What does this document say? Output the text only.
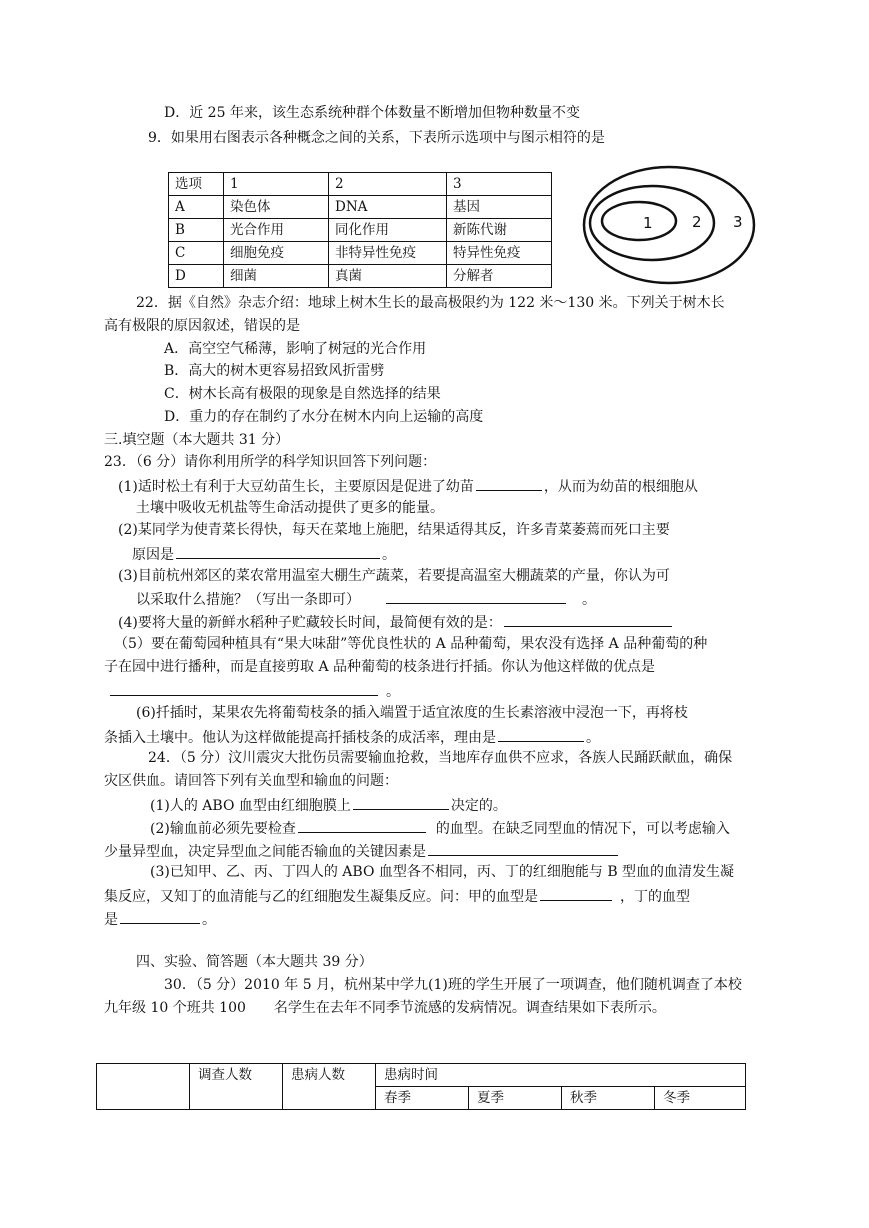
D．近 25 年来，该生态系统种群个体数量不断增加但物种数量不变
9．如果用右图表示各种概念之间的关系，下表所示选项中与图示相符的是
选项	1	2	3
A	染色体	DNA	基因
B	光合作用	同化作用	新陈代谢
C	细胞免疫	非特异性免疫	特异性免疫
D	细菌	真菌	分解者
1	2 3
22．据《自然》杂志介绍：地球上树木生长的最高极限约为 122 米～130 米。下列关于树木长
高有极限的原因叙述，错误的是
A．高空空气稀薄，影响了树冠的光合作用
B．高大的树木更容易招致风折雷劈
C．树木长高有极限的现象是自然选择的结果
D．重力的存在制约了水分在树木内向上运输的高度
三.填空题（本大题共 31 分）
23．（6 分）请你利用所学的科学知识回答下列问题：
(1)适时松土有利于大豆幼苗生长，主要原因是促进了幼苗	，从而为幼苗的根细胞从
土壤中吸收无机盐等生命活动提供了更多的能量。
(2)某同学为使青菜长得快，每天在菜地上施肥，结果适得其反，许多青菜萎蔫而死口主要
原因是	。
(3)目前杭州郊区的菜农常用温室大棚生产蔬菜，若要提高温室大棚蔬菜的产量，你认为可
以采取什么措施？（写出一条即可）	。
(4)要将大量的新鲜水稻种子贮藏较长时间，最简便有效的是：
（5）要在葡萄园种植具有“果大味甜”等优良性状的 A 品种葡萄，果农没有选择 A 品种葡萄的种
子在园中进行播种，而是直接剪取 A 品种葡萄的枝条进行扦插。你认为他这样做的优点是
。
(6)扦插时，某果农先将葡萄枝条的插入端置于适宜浓度的生长素溶液中浸泡一下，再将枝
条插入土壤中。他认为这样做能提高扦插枝条的成活率，理由是	。
24．（5 分）汶川震灾大批伤员需要输血抢救，当地库存血供不应求，各族人民踊跃献血，确保
灾区供血。请回答下列有关血型和输血的问题：
(1)人的 ABO 血型由红细胞膜上	决定的。
(2)输血前必须先要检查	的血型。在缺乏同型血的情况下，可以考虑输入
少量异型血，决定异型血之间能否输血的关键因素是
(3)已知甲、乙、丙、丁四人的 ABO 血型各不相同，丙、丁的红细胞能与 B 型血的血清发生凝
集反应，又知丁的血清能与乙的红细胞发生凝集反应。问：甲的血型是	，丁的血型
是	。
四、实验、简答题（本大题共 39 分）
30．（5 分）2010 年 5 月，杭州某中学九(1)班的学生开展了一项调查，他们随机调查了本校
九年级 10 个班共 100　　名学生在去年不同季节流感的发病情况。调查结果如下表所示。
	调查人数	患病人数	患病时间			
			春季	夏季	秋季	冬季
